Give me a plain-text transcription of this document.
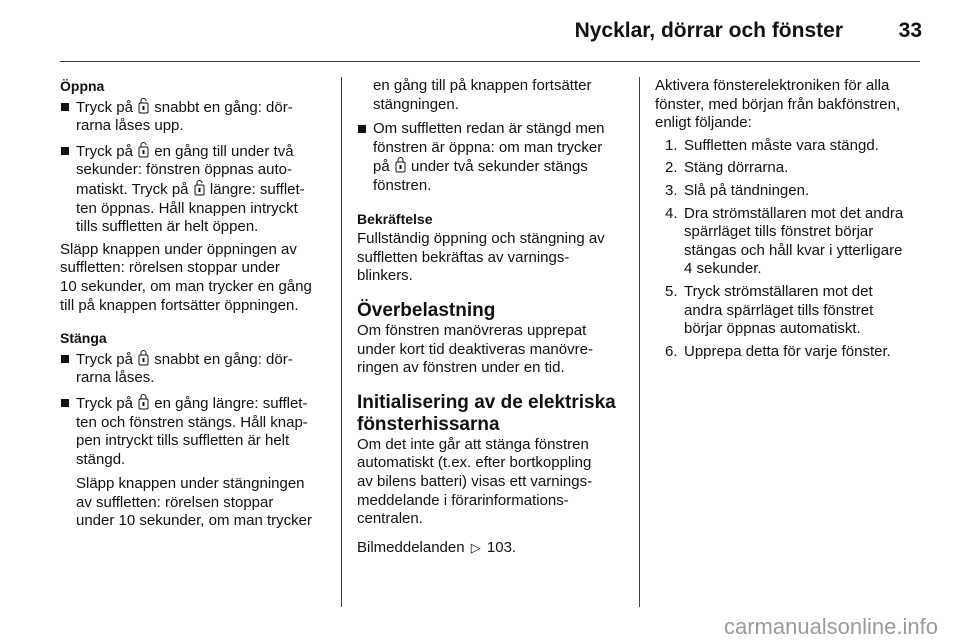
Nycklar, dörrar och fönster	33

Öppna

Tryck på snabbt en gång: dör-
rarna låses upp.
Tryck på en gång till under två
sekunder: fönstren öppnas auto-
matiskt. Tryck på längre: sufflet-
ten öppnas. Håll knappen intryckt
tills suffletten är helt öppen.
Släpp knappen under öppningen av
suffletten: rörelsen stoppar under
10 sekunder, om man trycker en gång
till på knappen fortsätter öppningen.

Stänga

Tryck på snabbt en gång: dör-
rarna låses.
Tryck på en gång längre: sufflet-
ten och fönstren stängs. Håll knap-
pen intryckt tills suffletten är helt
stängd.
Släpp knappen under stängningen
av suffletten: rörelsen stoppar
under 10 sekunder, om man trycker
en gång till på knappen fortsätter
stängningen.
Om suffletten redan är stängd men
fönstren är öppna: om man trycker
på under två sekunder stängs
fönstren.

Bekräftelse

Fullständig öppning och stängning av
suffletten bekräftas av varnings-
blinkers.

Överbelastning

Om fönstren manövreras upprepat
under kort tid deaktiveras manövre-
ringen av fönstren under en tid.
Initialisering av de elektriska
fönsterhissarna
Om det inte går att stänga fönstren
automatiskt (t.ex. efter bortkoppling
av bilens batteri) visas ett varnings-
meddelande i förarinformations-
centralen.
Bilmeddelanden ▷ 103.
Aktivera fönsterelektroniken för alla
fönster, med början från bakfönstren,
enligt följande:
1. Suffletten måste vara stängd.
2. Stäng dörrarna.
3. Slå på tändningen.
4. Dra strömställaren mot det andra
spärrläget tills fönstret börjar
stängas och håll kvar i ytterligare
4 sekunder.
5. Tryck strömställaren mot det
andra spärrläget tills fönstret
börjar öppnas automatiskt.
6. Upprepa detta för varje fönster.
carmanualsonline.info
